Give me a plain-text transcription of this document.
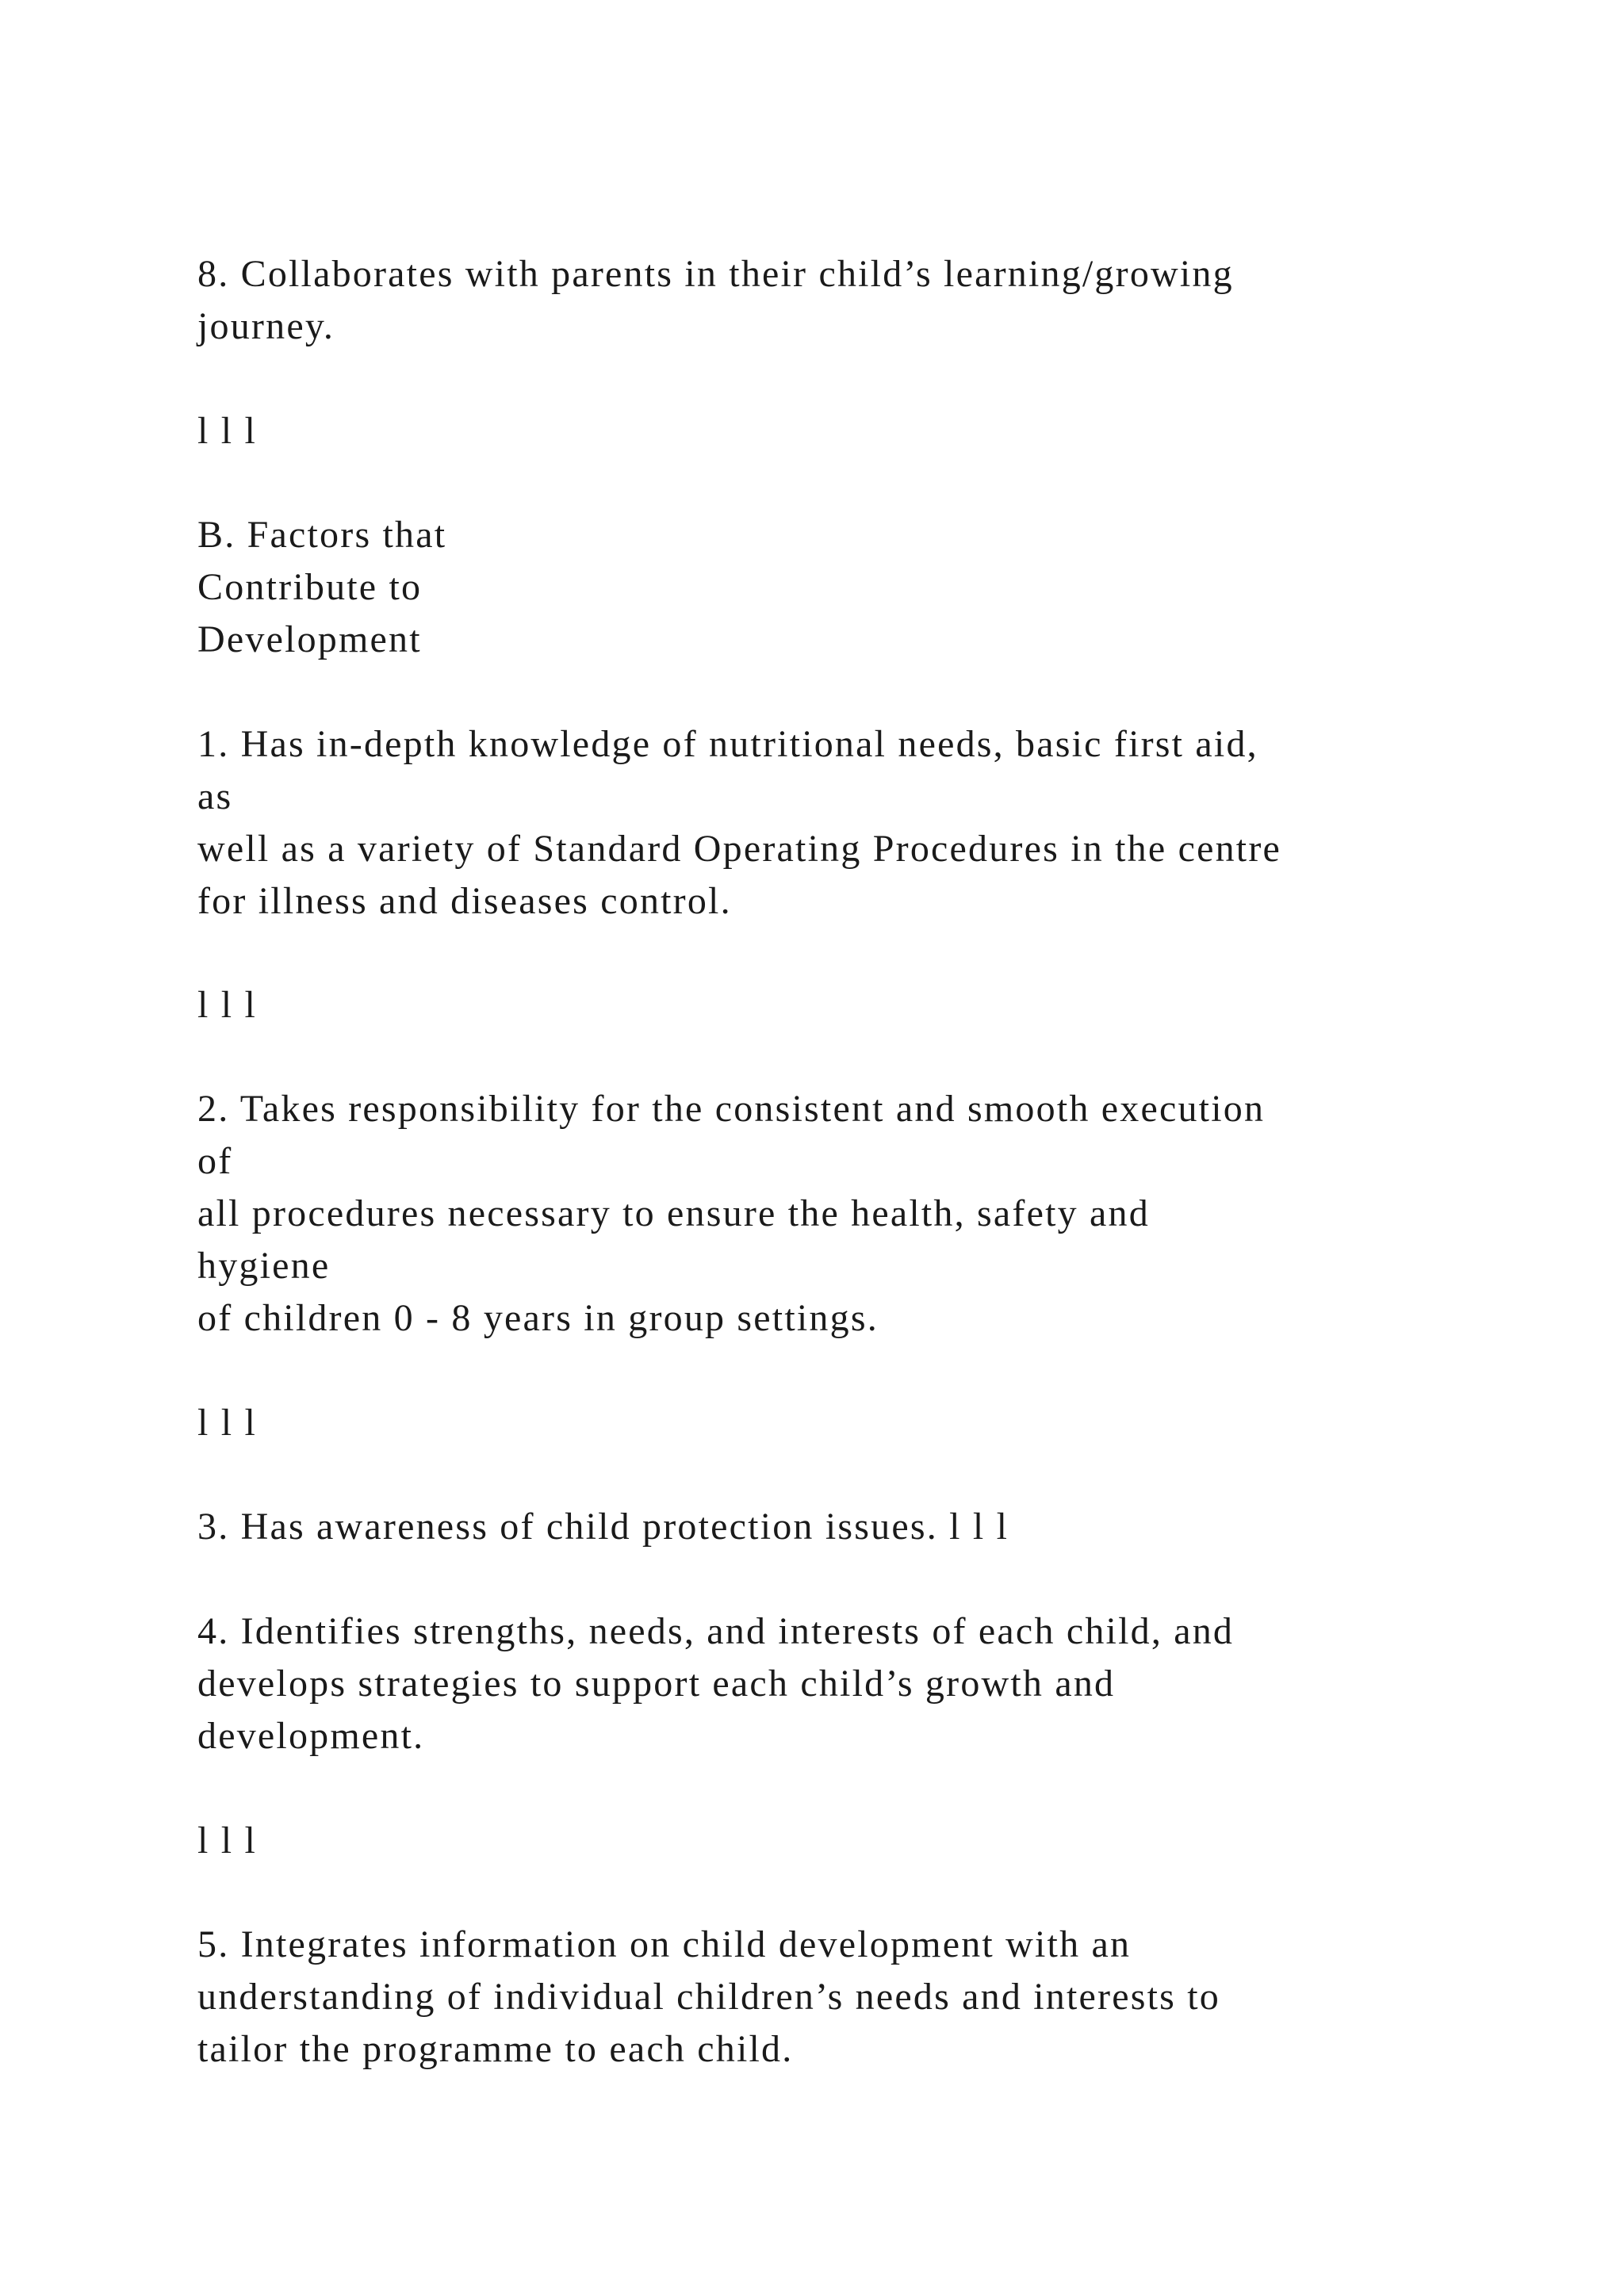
8. Collaborates with parents in their child’s learning/growing
journey.
l l l
B. Factors that
Contribute to
Development
1. Has in-depth knowledge of nutritional needs, basic first aid,
as
well as a variety of Standard Operating Procedures in the centre
for illness and diseases control.
l l l
2. Takes responsibility for the consistent and smooth execution
of
all procedures necessary to ensure the health, safety and
hygiene
of children 0 - 8 years in group settings.
l l l
3. Has awareness of child protection issues. l l l
4. Identifies strengths, needs, and interests of each child, and
develops strategies to support each child’s growth and
development.
l l l
5. Integrates information on child development with an
understanding of individual children’s needs and interests to
tailor the programme to each child.
